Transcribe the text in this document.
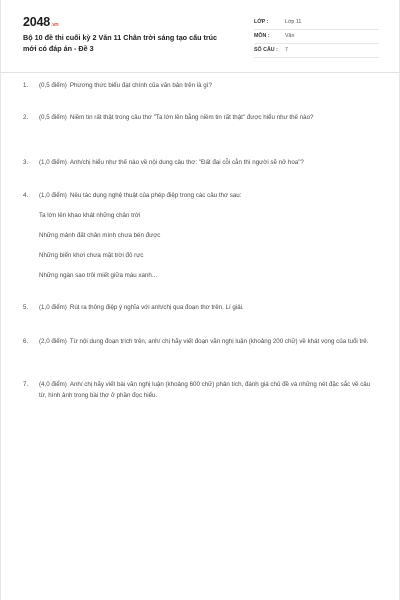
2048.vn
Bộ 10 đề thi cuối kỳ 2 Văn 11 Chân trời sáng tạo cấu trúc mới có đáp án - Đề 3
LỚP :	Lớp 11
MÔN :	Văn
SỐ CÂU : 7
1. (0,5 điểm) Phương thức biểu đạt chính của văn bản trên là gì?
2. (0,5 điểm) Niềm tin rất thật trong câu thơ "Ta lớn lên bằng niềm tin rất thật" được hiểu như thế nào?
3. (1,0 điểm) Anh/chị hiểu như thế nào về nội dung câu thơ: "Đất đai cỗi cằn thì người sẽ nở hoa"?
4. (1,0 điểm) Nêu tác dụng nghệ thuật của phép điệp trong các câu thơ sau:
Ta lớn lên khao khát những chân trời
Những mảnh đất chân mình chưa bén được
Những biển khơi chưa mặt trời đỏ rực
Những ngàn sao trôi miết giữa màu xanh...
5. (1,0 điểm) Rút ra thông điệp ý nghĩa với anh/chị qua đoạn thơ trên. Lí giải.
6. (2,0 điểm) Từ nội dung đoạn trích trên, anh/ chị hãy viết đoạn văn nghị luận (khoảng 200 chữ) về khát vọng của tuổi trẻ.
7. (4,0 điểm) Anh/ chị hãy viết bài văn nghị luận (khoảng 600 chữ) phân tích, đánh giá chủ đề và những nét đặc sắc về câu từ, hình ảnh trong bài thơ ở phần đọc hiểu.
